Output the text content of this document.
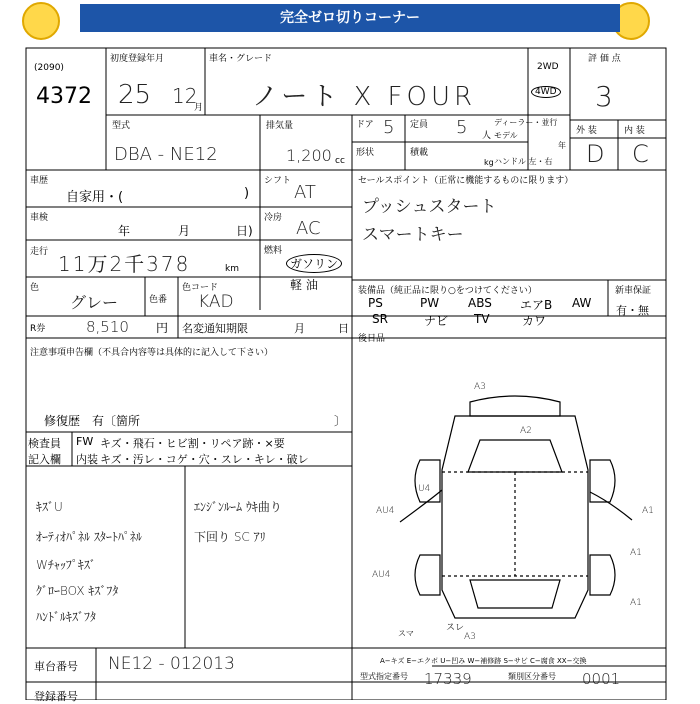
完全ゼロ切りコーナー
(2090)
4372
初度登録年月
25 12
月
車名・グレード
ノート X FOUR
2WD
4WD
評 価 点
3
外 装	内 装
D C
型式
DBA - NE12
排気量
1,200 cc
ドア 5 定員 5 人
ディーラー・並行
モデル
年
形状	積載
kg ハンドル 左・右
車歴
自家用・(	)
シフト
AT
セールスポイント（正常に機能するものに限ります）
プッシュスタート
スマートキー
車検
年	月	日)
冷房 AC
走行 11万2千378	km
燃料
ガソリン
軽 油
色
グレー	色番
色コード
KAD
装備品（純正品に限り○をつけてください）
PS	PW ABS エアB AW
SR	ナビ TV	カワ
新車保証
有・無
R券	8,510 円 名変通知期限	月	日
後日品
注意事項申告欄（不具合内容等は具体的に記入して下さい）
修復歴　有〔箇所	〕
検査員
記入欄
FW キズ・飛石・ヒビ割・リペア跡・×要
内装 キズ・汚レ・コゲ・穴・スレ・キレ・破レ
ｷｽﾞU
ｵｰﾃｨｵﾊﾟﾈﾙ ｽﾀｰﾄﾊﾟﾈﾙ
Wﾁｬｯﾌﾟｷｽﾞ
ｸﾞﾛｰBOX ｷｽﾞﾌﾀ
ﾊﾝﾄﾞﾙｷｽﾞﾌﾀ
ｴﾝｼﾞﾝﾙｰﾑ ｳｷ曲り
下回り SC ｱﾘ
A3
A2
U4
AU4	A1
AU4
A1
A1
スレ
A3
スマ
A−キズ E−エクボ U−凹み W−補修跡 S−サビ C−腐食 XX−交換
車台番号 NE12 - 012013
登録番号
型式指定番号 17339	類別区分番号 0001
